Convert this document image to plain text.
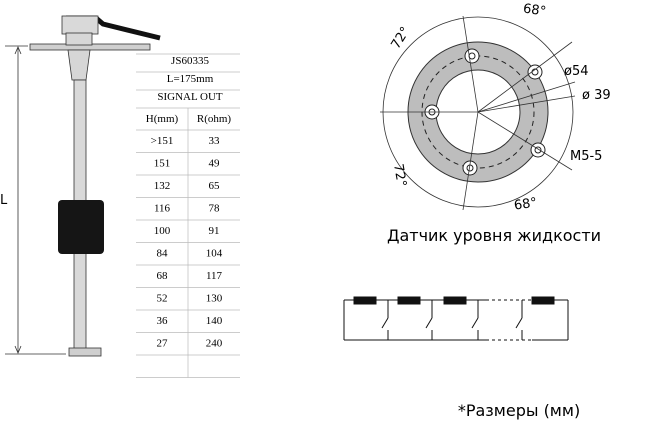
L
JS60335
L=175mm
SIGNAL OUT
H(mm) R(ohm)
>151	33
151	49
132	65
116	78
100	91
84	104
68	117
52	130
36	140
27	240
72°
68°
72°
68°
ø54
ø 39
M5-5
Датчик уровня жидкости
*Размеры (мм)
